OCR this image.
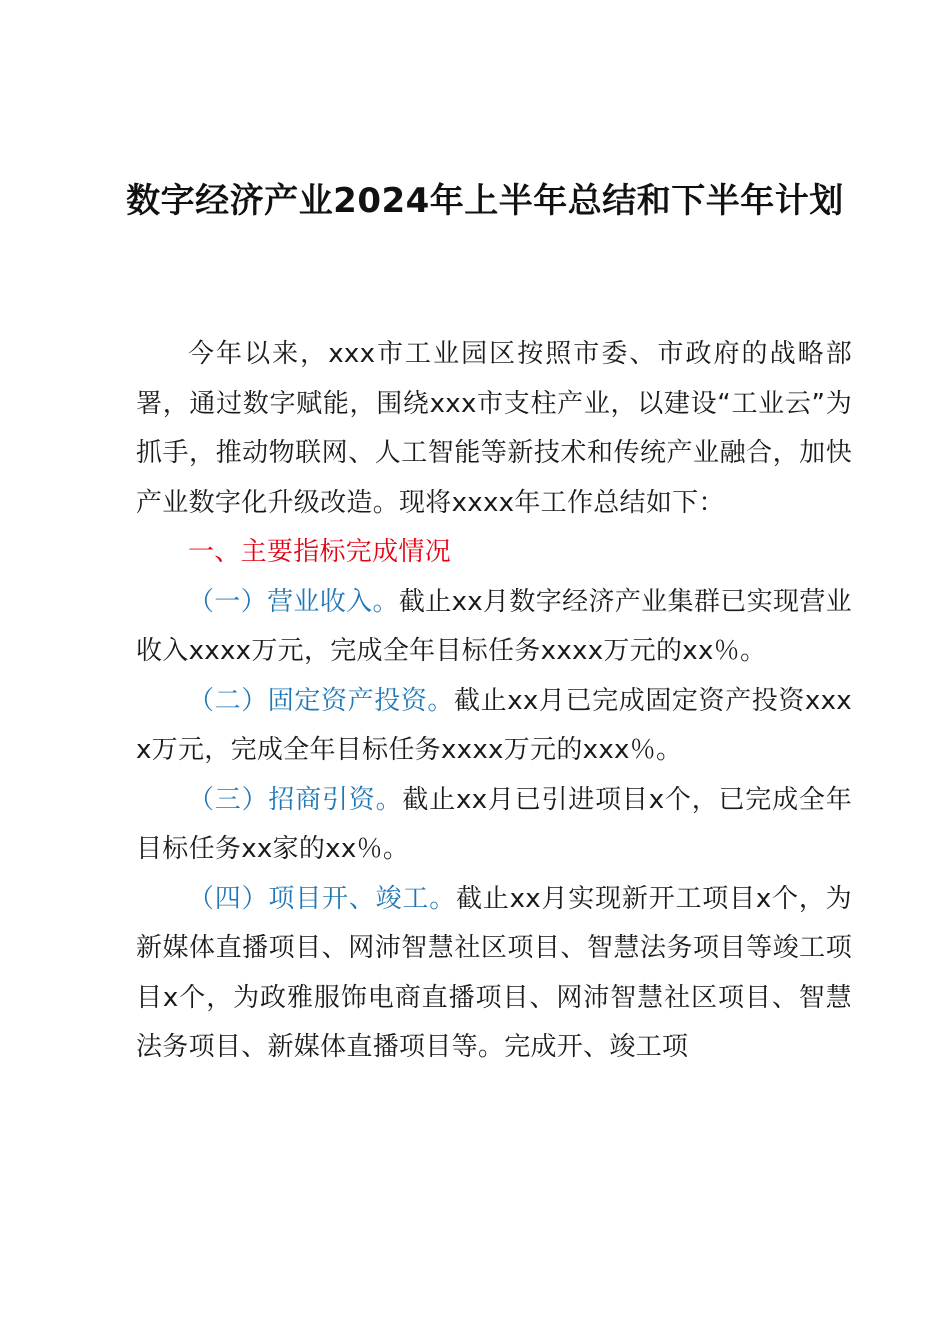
数字经济产业2024年上半年总结和下半年计划

今年以来，xxx市工业园区按照市委、市政府的战略部署，通过数字赋能，围绕xxx市支柱产业，以建设“工业云”为抓手，推动物联网、人工智能等新技术和传统产业融合，加快产业数字化升级改造。现将xxxx年工作总结如下：

一、主要指标完成情况

（一）营业收入。截止xx月数字经济产业集群已实现营业收入xxxx万元，完成全年目标任务xxxx万元的xx％。

（二）固定资产投资。截止xx月已完成固定资产投资xxxx万元，完成全年目标任务xxxx万元的xxx％。

（三）招商引资。截止xx月已引进项目x个，已完成全年目标任务xx家的xx％。

（四）项目开、竣工。截止xx月实现新开工项目x个，为新媒体直播项目、网沛智慧社区项目、智慧法务项目等竣工项目x个，为政雅服饰电商直播项目、网沛智慧社区项目、智慧法务项目、新媒体直播项目等。完成开、竣工项
